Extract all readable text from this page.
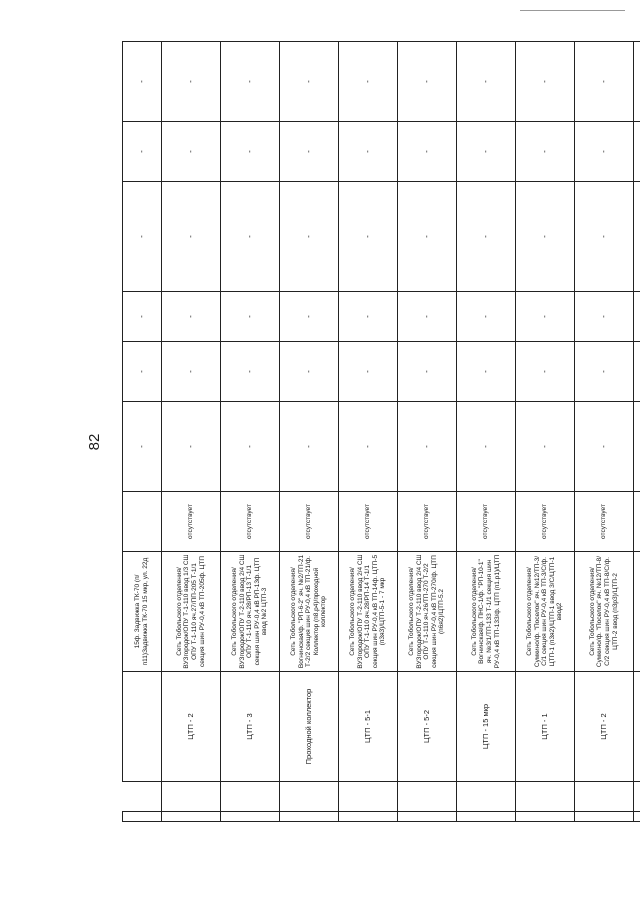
82
			15ф. Задвижка ТК-70 (п/п11)Задвижка ТК-70 15 мкр, ул. 22д		-	-	-	-	-	-
		ЦТП - 2	Сеть Тобольского отделения/ВУЗгородок/ОПУ Т-1-110 ввод 1/3 СШ ОПУ Т-1-110 яч.27/ПП-205 Т-1/1 секция шин РУ-0,4 кВ ТП-205ф. ЦТП	отсутствует	-	-	-	-	-	-
		ЦТП - 3	Сеть Тобольского отделения/ВУЗгородок/ОПУ Т-2-110 ввод 2/4 СШ ОПУ Т-1-110 яч.28/РП-13 Т-1/1 секция шин РУ-0,4 кВ РП-13ф. ЦТП ввод №2 ЦТП-3	отсутствует	-	-	-	-	-	-
		Проходной коллектор	Сеть Тобольского отделения/Вогнинская/ф. "РП-6-2" яч. №2/ТП-21 Т-2/2 секция шин РУ-0,4 кВ ТП-21/ф. Коллектор (п8.р4)/проходной коллектор	отсутствует	-	-	-	-	-	-
		ЦТП - 5-1	Сеть Тобольского отделения/ВУЗгородок/ОПУ Т-2-110 ввод 2/4 СШ ОПУ Т-1-110 яч.28/РП-14 Т-1/1 секция шин РУ-0,4 кВ ТП-14ф. ЦТП-5 (п3я3)/ЦТП-5-1 - 7 мкр	отсутствует	-	-	-	-	-	-
		ЦТП - 5-2	Сеть Тобольского отделения/ВУЗгородок/ОПУ Т-2-110 ввод 2/4 СШ ОПУ Т-1-110 яч.26/ТП-270 Т-2/2 секция шин РУ-0,4 кВ ТП-270/ф. ЦТП (п6я2)/ЦТП-5.2	отсутствует	-	-	-	-	-	-
		ЦТП - 15 мкр	Сеть Тобольского отделения/Вогнинская/ф. ПНС-1/ф. "РП-10-1" яч. №3/1/ТП-133 Т-1/1 секция шин РУ-0,4 кВ ТП-133/ф. ЦТП (п1.р1)/ЦТП	отсутствует	-	-	-	-	-	-
		ЦТП - 1	Сеть Тобольского отделения/Сумкино/ф. "Поселок" яч. №12/ТП-3/С/1 секция шин РУ-0,4 кВ ТП-3/С/ф. ЦТП-1 (п3я2)/ЦТП-1 ввод 3/С/ЦТП-1 ввод2	отсутствует	-	-	-	-	-	-
		ЦТП - 2	Сеть Тобольского отделения/Сумкино/ф. "Поселок" яч. №12/ТП-8/С/2 секция шин РУ-0,4 кВ ТП-8/С/ф. ЦТП-2 ввод (п3р3)/ЦТП-2	отсутствует	-	-	-	-	-	-
